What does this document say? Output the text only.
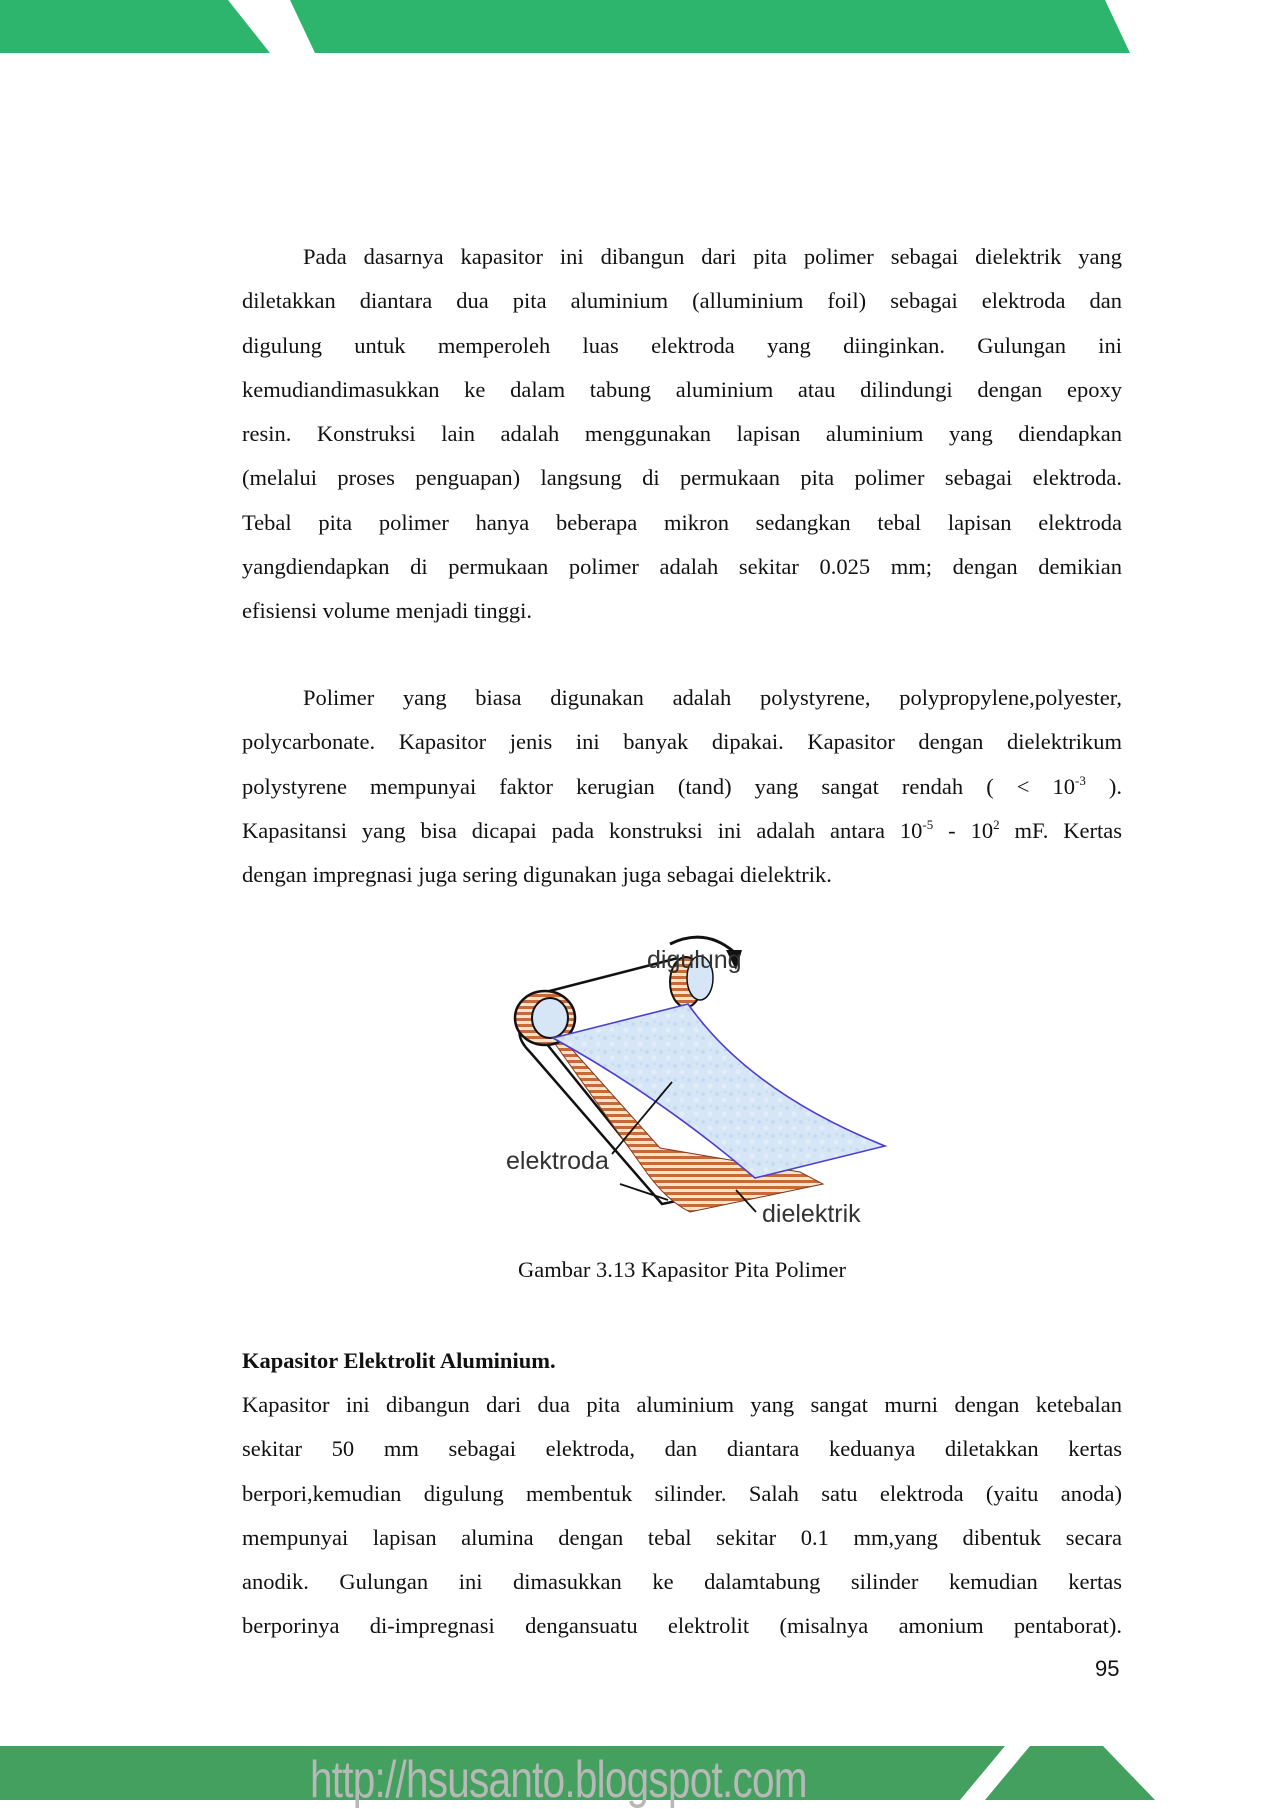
Pada dasarnya kapasitor ini dibangun dari pita polimer sebagai dielektrik yang
diletakkan diantara dua pita aluminium (alluminium foil) sebagai elektroda dan
digulung untuk memperoleh luas elektroda yang diinginkan. Gulungan ini
kemudiandimasukkan ke dalam tabung aluminium atau dilindungi dengan epoxy
resin. Konstruksi lain adalah menggunakan lapisan aluminium yang diendapkan
(melalui proses penguapan) langsung di permukaan pita polimer sebagai elektroda.
Tebal pita polimer hanya beberapa mikron sedangkan tebal lapisan elektroda
yangdiendapkan di permukaan polimer adalah sekitar 0.025 mm; dengan demikian
efisiensi volume menjadi tinggi.
Polimer yang biasa digunakan adalah polystyrene, polypropylene,polyester,
polycarbonate. Kapasitor jenis ini banyak dipakai. Kapasitor dengan dielektrikum
polystyrene mempunyai faktor kerugian (tand) yang sangat rendah ( < $10^{-3}$ ).
Kapasitansi yang bisa dicapai pada konstruksi ini adalah antara $10^{-5} - 10^2$ mF. Kertas
dengan impregnasi juga sering digunakan juga sebagai dielektrik.
digulung
elektroda
dielektrik
Gambar 3.13 Kapasitor Pita Polimer
Kapasitor Elektrolit Aluminium.
Kapasitor ini dibangun dari dua pita aluminium yang sangat murni dengan ketebalan
sekitar 50 mm sebagai elektroda, dan diantara keduanya diletakkan kertas
berpori,kemudian digulung membentuk silinder. Salah satu elektroda (yaitu anoda)
mempunyai lapisan alumina dengan tebal sekitar 0.1 mm,yang dibentuk secara
anodik. Gulungan ini dimasukkan ke dalamtabung silinder kemudian kertas
berporinya di-impregnasi dengansuatu elektrolit (misalnya amonium pentaborat).
95
http://hsusanto.blogspot.com
